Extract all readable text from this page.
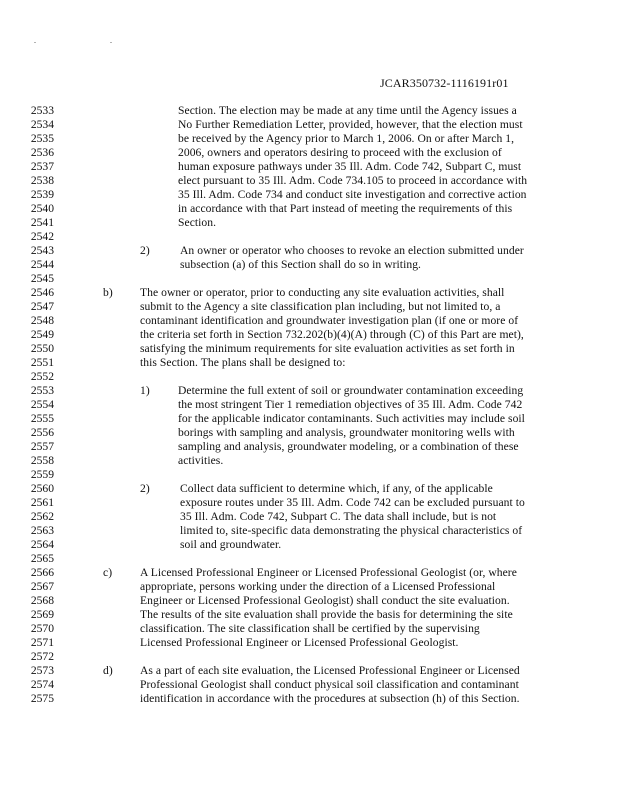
. .
JCAR350732-1116191r01
2533	Section. The election may be made at any time until the Agency issues a
2534	No Further Remediation Letter, provided, however, that the election must
2535	be received by the Agency prior to March 1, 2006. On or after March 1,
2536	2006, owners and operators desiring to proceed with the exclusion of
2537	human exposure pathways under 35 Ill. Adm. Code 742, Subpart C, must
2538	elect pursuant to 35 Ill. Adm. Code 734.105 to proceed in accordance with
2539	35 Ill. Adm. Code 734 and conduct site investigation and corrective action
2540	in accordance with that Part instead of meeting the requirements of this
2541	Section.
2542
2543	2)	An owner or operator who chooses to revoke an election submitted under
2544	subsection (a) of this Section shall do so in writing.
2545
2546	b) The owner or operator, prior to conducting any site evaluation activities, shall
2547	submit to the Agency a site classification plan including, but not limited to, a
2548	contaminant identification and groundwater investigation plan (if one or more of
2549	the criteria set forth in Section 732.202(b)(4)(A) through (C) of this Part are met),
2550	satisfying the minimum requirements for site evaluation activities as set forth in
2551	this Section. The plans shall be designed to:
2552
2553	1) Determine the full extent of soil or groundwater contamination exceeding
2554	the most stringent Tier 1 remediation objectives of 35 Ill. Adm. Code 742
2555	for the applicable indicator contaminants. Such activities may include soil
2556	borings with sampling and analysis, groundwater monitoring wells with
2557	sampling and analysis, groundwater modeling, or a combination of these
2558	activities.
2559
2560	2)	Collect data sufficient to determine which, if any, of the applicable
2561	exposure routes under 35 Ill. Adm. Code 742 can be excluded pursuant to
2562	35 Ill. Adm. Code 742, Subpart C. The data shall include, but is not
2563	limited to, site-specific data demonstrating the physical characteristics of
2564	soil and groundwater.
2565
2566	c) A Licensed Professional Engineer or Licensed Professional Geologist (or, where
2567	appropriate, persons working under the direction of a Licensed Professional
2568	Engineer or Licensed Professional Geologist) shall conduct the site evaluation.
2569	The results of the site evaluation shall provide the basis for determining the site
2570	classification. The site classification shall be certified by the supervising
2571	Licensed Professional Engineer or Licensed Professional Geologist.
2572
2573	d) As a part of each site evaluation, the Licensed Professional Engineer or Licensed
2574	Professional Geologist shall conduct physical soil classification and contaminant
2575	identification in accordance with the procedures at subsection (h) of this Section.
